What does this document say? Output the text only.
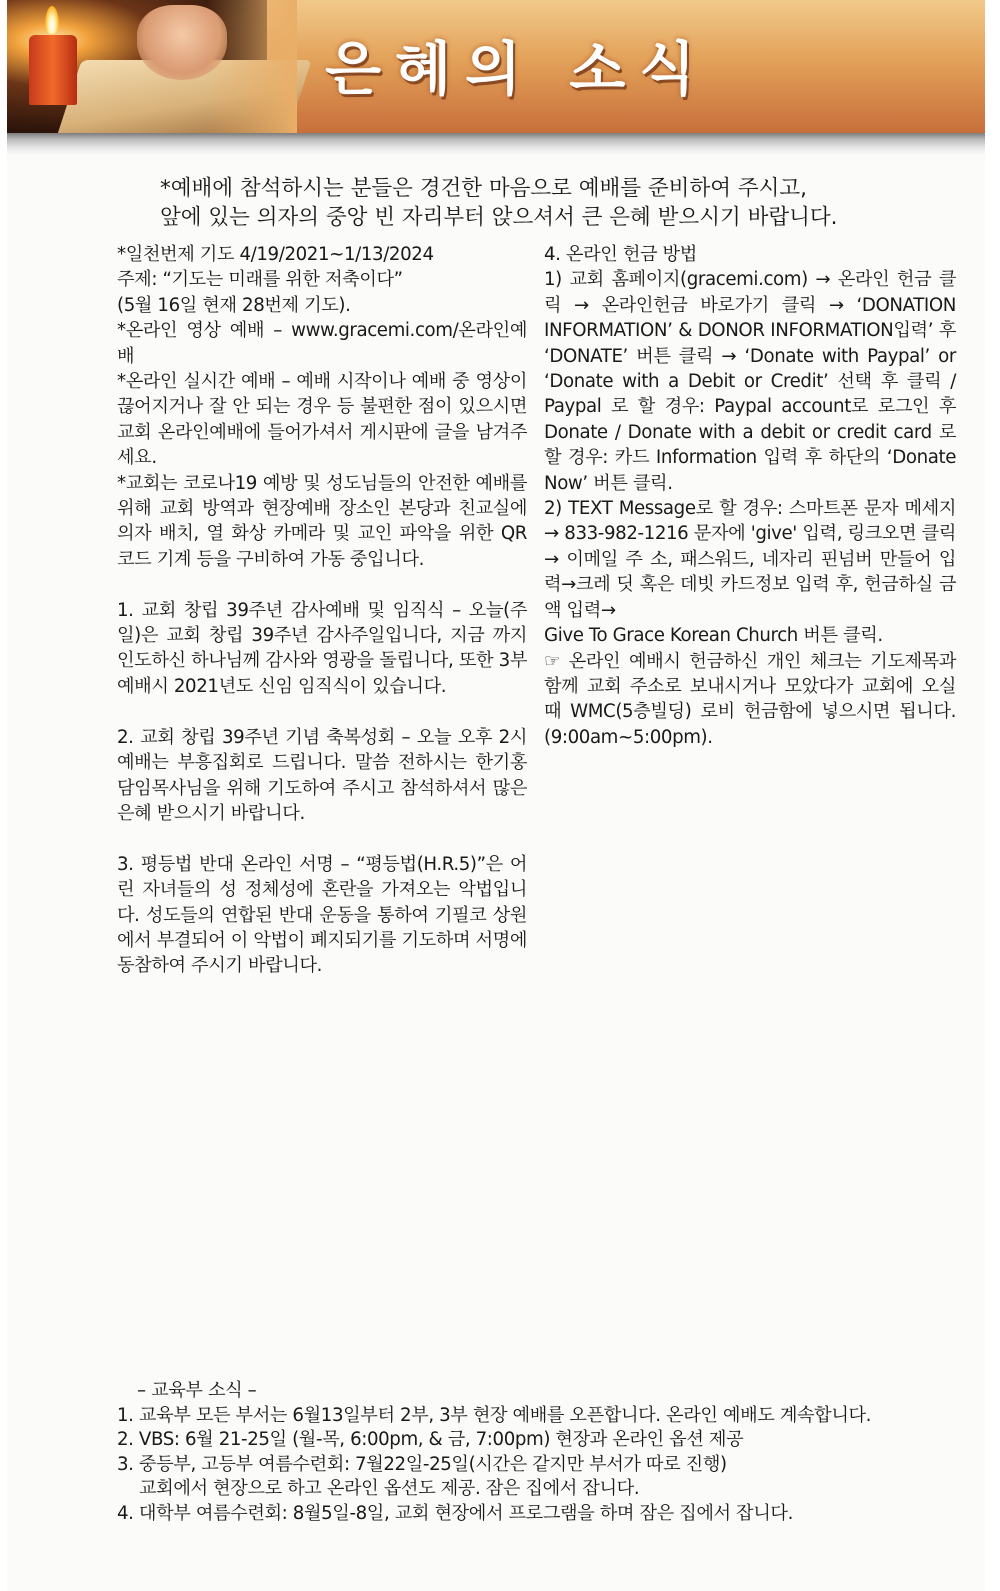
은혜의 소식
*예배에 참석하시는 분들은 경건한 마음으로 예배를 준비하여 주시고,
앞에 있는 의자의 중앙 빈 자리부터 앉으셔서 큰 은혜 받으시기 바랍니다.

*일천번제 기도 4/19/2021~1/13/2024

주제: “기도는 미래를 위한 저축이다”

(5월 16일 현재 28번제 기도).

*온라인 영상 예배 – www.gracemi.com/온라인예배

*온라인 실시간 예배 – 예배 시작이나 예배 중 영상이 끊어지거나 잘 안 되는 경우 등 불편한 점이 있으시면 교회 온라인예배에 들어가셔서 게시판에 글을 남겨주세요.

*교회는 코로나19 예방 및 성도님들의 안전한 예배를 위해 교회 방역과 현장예배 장소인 본당과 친교실에 의자 배치, 열 화상 카메라 및 교인 파악을 위한 QR 코드 기계 등을 구비하여 가동 중입니다.

1. 교회 창립 39주년 감사예배 및 임직식 – 오늘(주일)은 교회 창립 39주년 감사주일입니다, 지금 까지 인도하신 하나님께 감사와 영광을 돌립니다, 또한 3부 예배시 2021년도 신임 임직식이 있습니다.

2. 교회 창립 39주년 기념 축복성회 – 오늘 오후 2시 예배는 부흥집회로 드립니다. 말씀 전하시는 한기홍 담임목사님을 위해 기도하여 주시고 참석하셔서 많은 은혜 받으시기 바랍니다.

3. 평등법 반대 온라인 서명 – “평등법(H.R.5)”은 어린 자녀들의 성 정체성에 혼란을 가져오는 악법입니다. 성도들의 연합된 반대 운동을 통하여 기필코 상원에서 부결되어 이 악법이 폐지되기를 기도하며 서명에 동참하여 주시기 바랍니다.

4. 온라인 헌금 방법

1) 교회 홈페이지(gracemi.com) → 온라인 헌금 클릭 → 온라인헌금 바로가기 클릭 → ‘DONATION INFORMATION’ & DONOR INFORMATION입력’ 후 ‘DONATE’ 버튼 클릭 → ‘Donate with Paypal’ or ‘Donate with a Debit or Credit’ 선택 후 클릭 / Paypal 로 할 경우: Paypal account로 로그인 후 Donate / Donate with a debit or credit card 로 할 경우: 카드 Information 입력 후 하단의 ‘Donate Now’ 버튼 클릭.

2) TEXT Message로 할 경우: 스마트폰 문자 메세지 → 833-982-1216 문자에 'give' 입력, 링크오면 클릭 → 이메일 주 소, 패스워드, 네자리 핀넘버 만들어 입력→크레 딧 혹은 데빗 카드정보 입력 후, 헌금하실 금액 입력→

Give To Grace Korean Church 버튼 클릭.

☞ 온라인 예배시 헌금하신 개인 체크는 기도제목과 함께 교회 주소로 보내시거나 모았다가 교회에 오실 때 WMC(5층빌딩) 로비 헌금함에 넣으시면 됩니다. (9:00am~5:00pm).

– 교육부 소식 –

1. 교육부 모든 부서는 6월13일부터 2부, 3부 현장 예배를 오픈합니다. 온라인 예배도 계속합니다.

2. VBS: 6월 21-25일 (월-목, 6:00pm, & 금, 7:00pm) 현장과 온라인 옵션 제공

3. 중등부, 고등부 여름수련회: 7월22일-25일(시간은 같지만 부서가 따로 진행)

교회에서 현장으로 하고 온라인 옵션도 제공. 잠은 집에서 잡니다.

4. 대학부 여름수련회: 8월5일-8일, 교회 현장에서 프로그램을 하며 잠은 집에서 잡니다.
